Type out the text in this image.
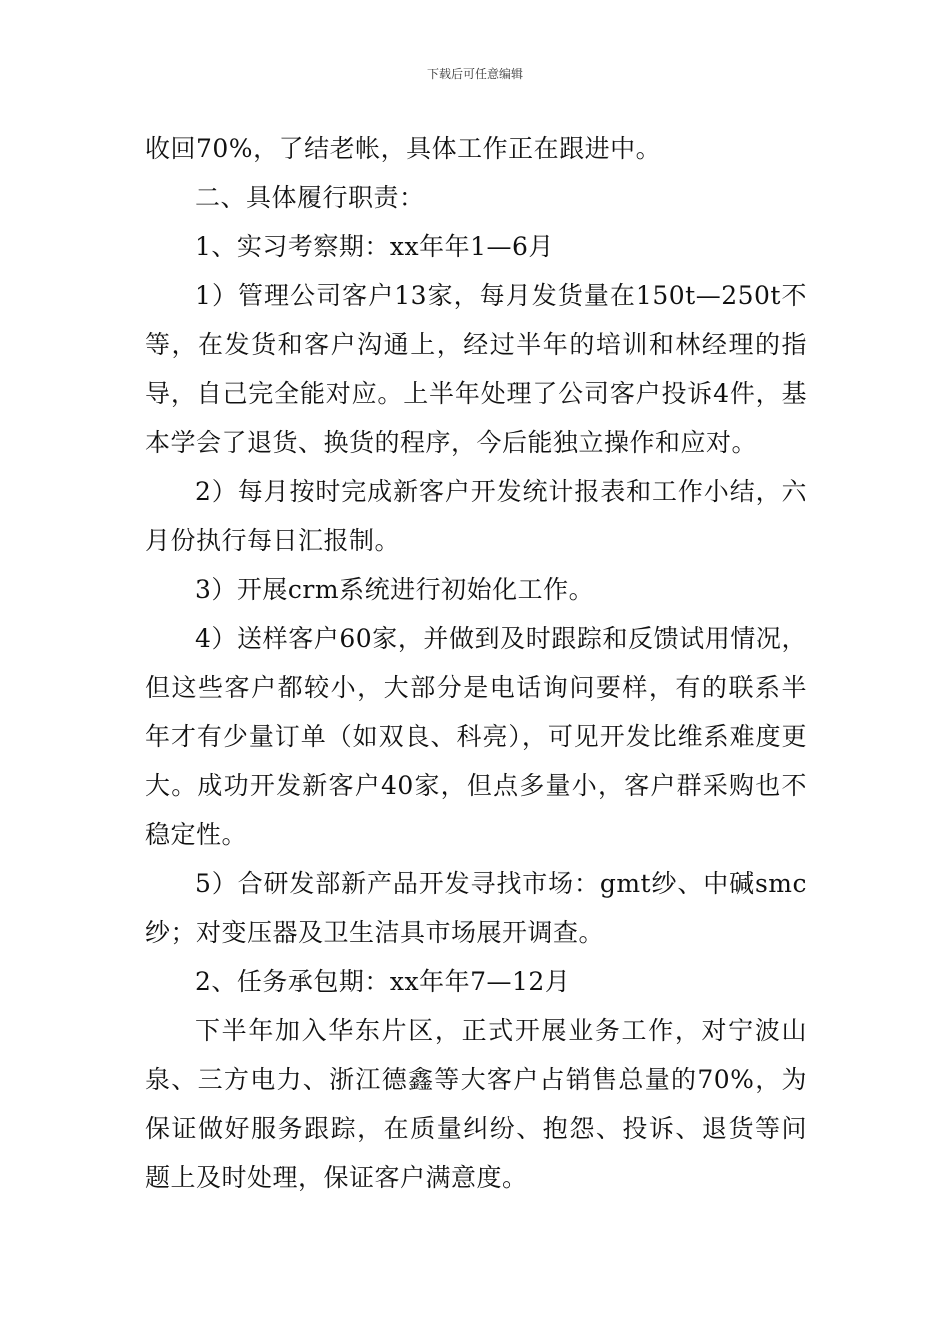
下载后可任意编辑

收回70%，了结老帐，具体工作正在跟进中。

二、具体履行职责：

1、实习考察期：xx年年1—6月

1）管理公司客户13家，每月发货量在150t—250t不等，在发货和客户沟通上，经过半年的培训和林经理的指导，自己完全能对应。上半年处理了公司客户投诉4件，基本学会了退货、换货的程序，今后能独立操作和应对。

2）每月按时完成新客户开发统计报表和工作小结，六月份执行每日汇报制。

3）开展crm系统进行初始化工作。

4）送样客户60家，并做到及时跟踪和反馈试用情况，但这些客户都较小，大部分是电话询问要样，有的联系半年才有少量订单（如双良、科亮），可见开发比维系难度更大。成功开发新客户40家，但点多量小，客户群采购也不稳定性。

5）合研发部新产品开发寻找市场：gmt纱、中碱smc纱；对变压器及卫生洁具市场展开调查。

2、任务承包期：xx年年7—12月

下半年加入华东片区，正式开展业务工作，对宁波山泉、三方电力、浙江德鑫等大客户占销售总量的70%，为保证做好服务跟踪，在质量纠纷、抱怨、投诉、退货等问题上及时处理，保证客户满意度。
